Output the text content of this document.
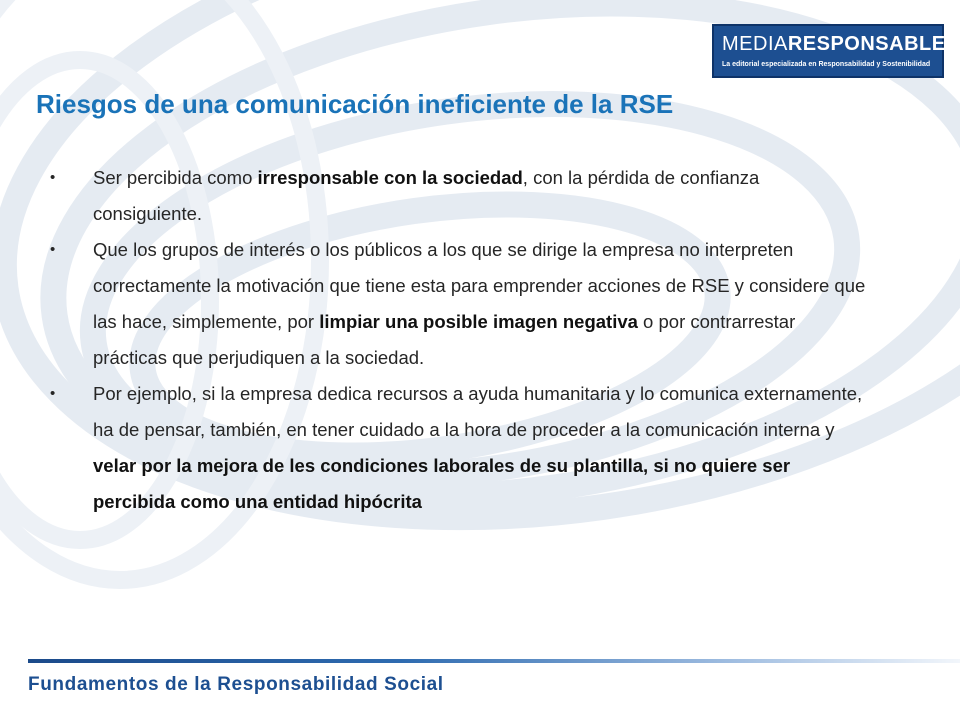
MEDIARESPONSABLE®
La editorial especializada en Responsabilidad y Sostenibilidad
Riesgos de una comunicación ineficiente de la RSE
• Ser percibida como irresponsable con la sociedad, con la pérdida de confianza consiguiente.
• Que los grupos de interés o los públicos a los que se dirige la empresa no interpreten correctamente la motivación que tiene esta para emprender acciones de RSE y considere que las hace, simplemente, por limpiar una posible imagen negativa o por contrarrestar prácticas que perjudiquen a la sociedad.
• Por ejemplo, si la empresa dedica recursos a ayuda humanitaria y lo comunica externamente, ha de pensar, también, en tener cuidado a la hora de proceder a la comunicación interna y velar por la mejora de les condiciones laborales de su plantilla, si no quiere ser percibida como una entidad hipócrita
Fundamentos de la Responsabilidad Social
